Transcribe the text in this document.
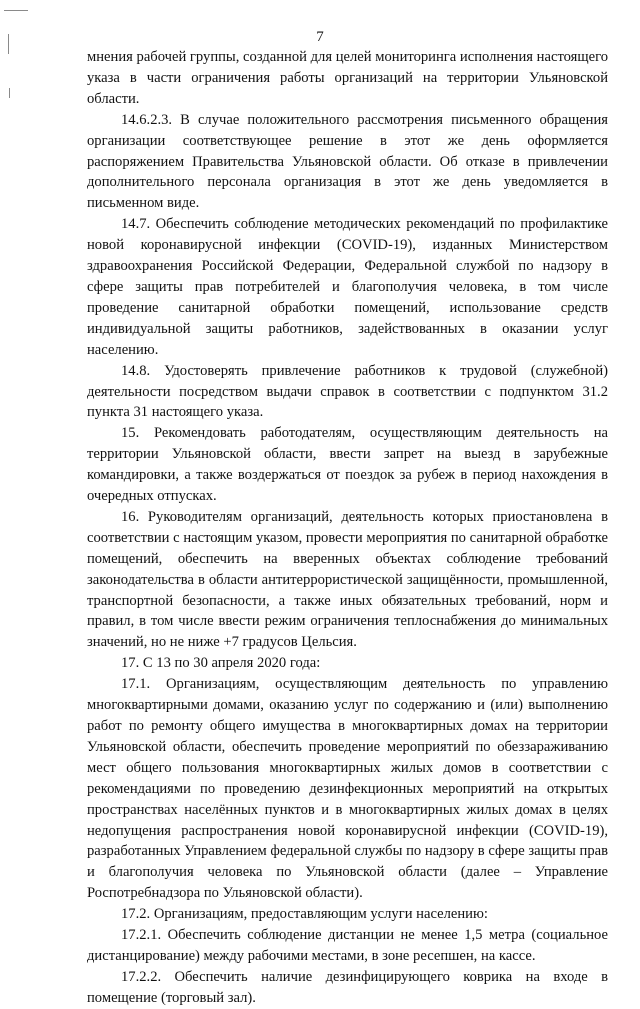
7

мнения рабочей группы, созданной для целей мониторинга исполнения настоящего указа в части ограничения работы организаций на территории Ульяновской области.

14.6.2.3. В случае положительного рассмотрения письменного обращения организации соответствующее решение в этот же день оформляется распоряжением Правительства Ульяновской области. Об отказе в привлечении дополнительного персонала организация в этот же день уведомляется в письменном виде.

14.7. Обеспечить соблюдение методических рекомендаций по профилактике новой коронавирусной инфекции (COVID-19), изданных Министерством здравоохранения Российской Федерации, Федеральной службой по надзору в сфере защиты прав потребителей и благополучия человека, в том числе проведение санитарной обработки помещений, использование средств индивидуальной защиты работников, задействованных в оказании услуг населению.

14.8. Удостоверять привлечение работников к трудовой (служебной) деятельности посредством выдачи справок в соответствии с подпунктом 31.2 пункта 31 настоящего указа.

15. Рекомендовать работодателям, осуществляющим деятельность на территории Ульяновской области, ввести запрет на выезд в зарубежные командировки, а также воздержаться от поездок за рубеж в период нахождения в очередных отпусках.

16. Руководителям организаций, деятельность которых приостановлена в соответствии с настоящим указом, провести мероприятия по санитарной обработке помещений, обеспечить на вверенных объектах соблюдение требований законодательства в области антитеррористической защищённости, промышленной, транспортной безопасности, а также иных обязательных требований, норм и правил, в том числе ввести режим ограничения теплоснабжения до минимальных значений, но не ниже +7 градусов Цельсия.

17. С 13 по 30 апреля 2020 года:

17.1. Организациям, осуществляющим деятельность по управлению многоквартирными домами, оказанию услуг по содержанию и (или) выполнению работ по ремонту общего имущества в многоквартирных домах на территории Ульяновской области, обеспечить проведение мероприятий по обеззараживанию мест общего пользования многоквартирных жилых домов в соответствии с рекомендациями по проведению дезинфекционных мероприятий на открытых пространствах населённых пунктов и в многоквартирных жилых домах в целях недопущения распространения новой коронавирусной инфекции (COVID-19), разработанных Управлением федеральной службы по надзору в сфере защиты прав и благополучия человека по Ульяновской области (далее – Управление Роспотребнадзора по Ульяновской области).

17.2. Организациям, предоставляющим услуги населению:

17.2.1. Обеспечить соблюдение дистанции не менее 1,5 метра (социальное дистанцирование) между рабочими местами, в зоне ресепшен, на кассе.

17.2.2. Обеспечить наличие дезинфицирующего коврика на входе в помещение (торговый зал).
